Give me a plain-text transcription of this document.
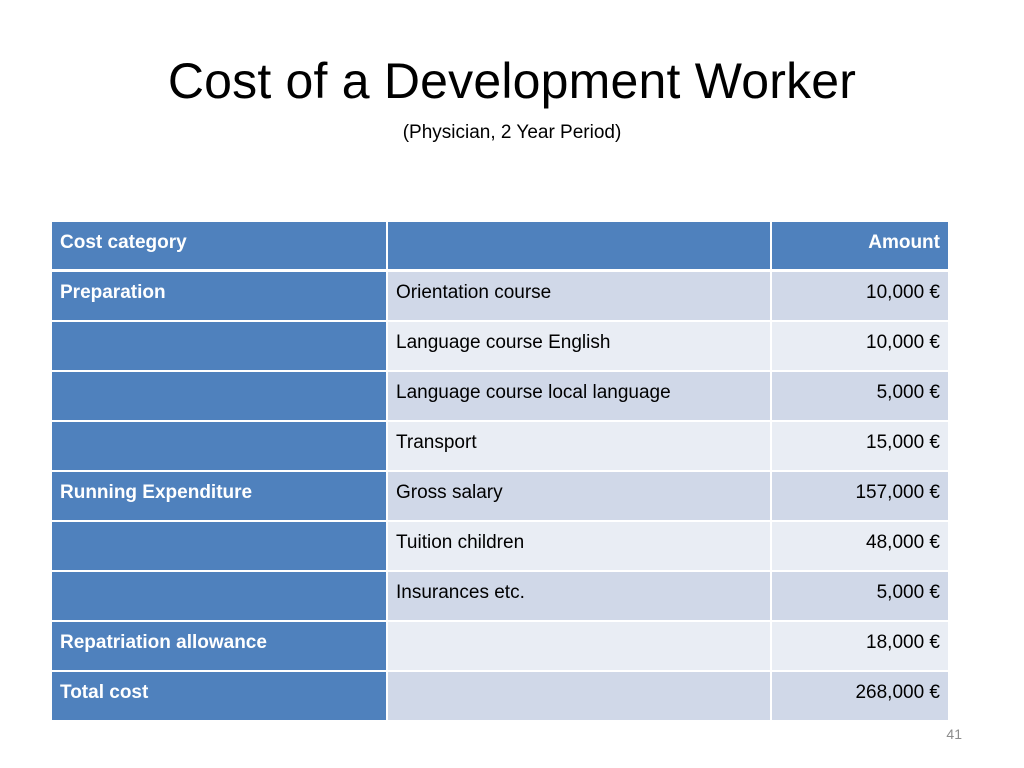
Cost of a Development Worker
(Physician, 2 Year Period)
Cost category		Amount
Preparation	Orientation course	10,000 €
	Language course English	10,000 €
	Language course local language	5,000 €
	Transport	15,000 €
Running Expenditure	Gross salary	157,000 €
	Tuition children	48,000 €
	Insurances etc.	5,000 €
Repatriation allowance		18,000 €
Total cost		268,000 €
41
